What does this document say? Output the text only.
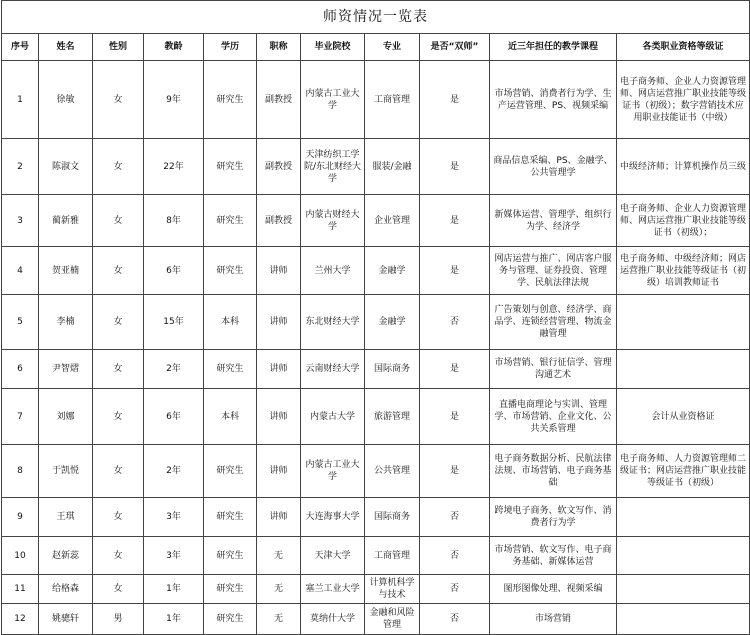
师资情况一览表										
序号	姓名	性别	教龄	学历	职称	毕业院校	专业	是否“双师”	近三年担任的教学课程	各类职业资格等级证
1	徐敏	女	9年	研究生	副教授	内蒙古工业大学	工商管理	是	市场营销、消费者行为学、生产运营管理、PS、视频采编	电子商务师、企业人力资源管理师、网店运营推广职业技能等级证书（初级）；数字营销技术应用职业技能证书（中级）
2	陈淑文	女	22年	研究生	副教授	天津纺织工学院/东北财经大学	服装/金融	是	商品信息采编、PS、金融学、公共管理学	中级经济师；计算机操作员三级
3	蔺新雅	女	8年	研究生	副教授	内蒙古财经大学	企业管理	是	新媒体运营、管理学、组织行为学、经济学	电子商务师、企业人力资源管理师、网店运营推广职业技能等级证书（初级）；
4	贺亚楠	女	6年	研究生	讲师	兰州大学	金融学	是	网店运营与推广、网店客户服务与管理、证券投资、管理学、民航法律法规	电子商务师、中级经济师；网店运营推广职业技能等级证书（初级）培训教师证书
5	李楠	女	15年	本科	讲师	东北财经大学	金融学	否	广告策划与创意、经济学、商品学、连锁经营管理、物流金融管理	
6	尹智熠	女	2年	研究生	讲师	云南财经大学	国际商务	是	市场营销、银行征信学、管理沟通艺术	
7	刘娜	女	6年	本科	讲师	内蒙古大学	旅游管理	是	直播电商理论与实训、管理学、市场营销、企业文化、公共关系管理	会计从业资格证
8	于凯悦	女	2年	研究生	讲师	内蒙古工业大学	公共管理	是	电子商务数据分析、民航法律法规、市场营销、电子商务基础	电子商务师、人力资源管理师二级证书；网店运营推广职业技能等级证书（初级）
9	王琪	女	3年	研究生	讲师	大连海事大学	国际商务	否	跨境电子商务、软文写作、消费者行为学	
10	赵新蕊	女	3年	研究生	无	天津大学	工商管理	否	市场营销、软文写作、电子商务基础、新媒体运营	
11	给格森	女	1年	研究生	无	塞兰工业大学	计算机科学与技术	否	图形图像处理、视频采编	
12	姚骢轩	男	1年	研究生	无	莫纳什大学	金融和风险管理	否	市场营销	
